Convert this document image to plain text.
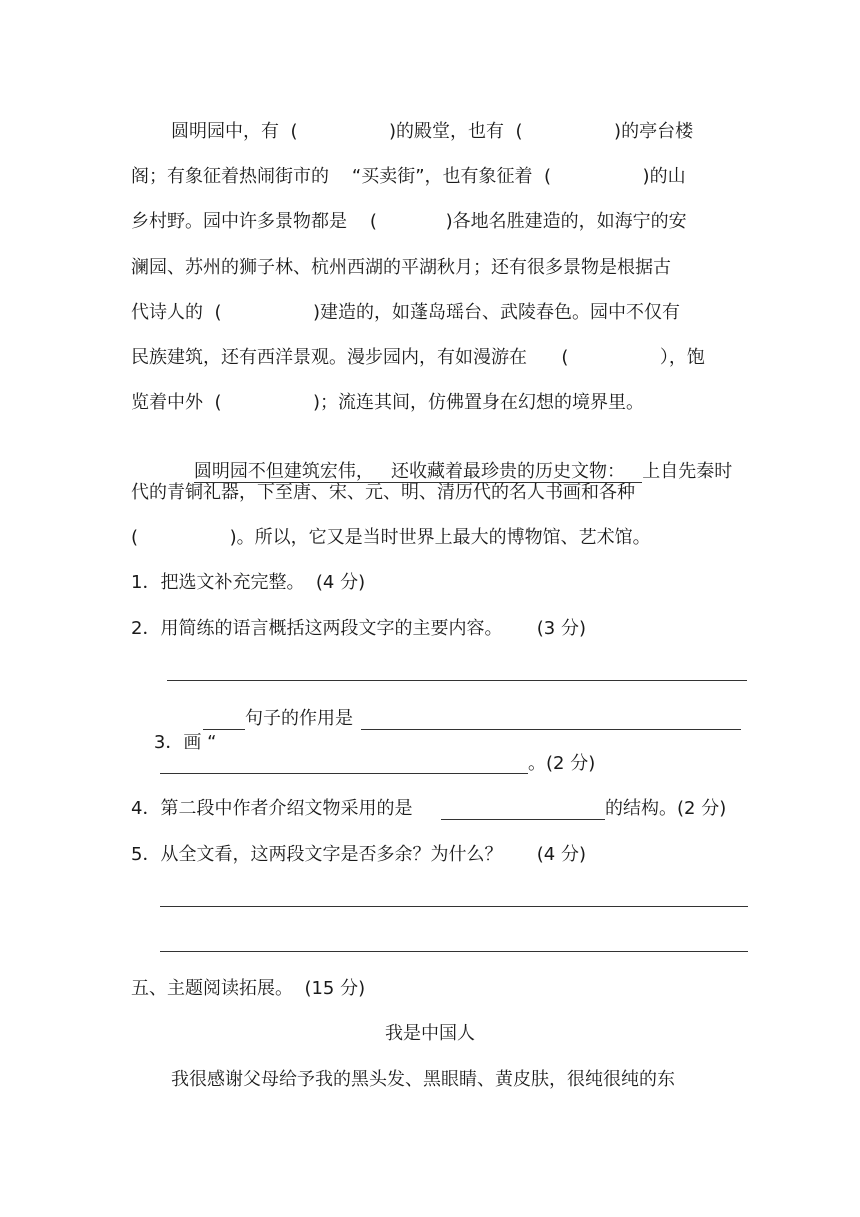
圆明园中，有  (                )的殿堂，也有  (                )的亭台楼
阁；有象征着热闹街市的    “买卖街”，也有象征着  (                )的山
乡村野。园中许多景物都是    (            )各地名胜建造的，如海宁的安
澜园、苏州的狮子林、杭州西湖的平湖秋月；还有很多景物是根据古
代诗人的  (                )建造的，如蓬岛瑶台、武陵春色。园中不仅有
民族建筑，还有西洋景观。漫步园内，有如漫游在      (                ），饱
览着中外  (                )；流连其间，仿佛置身在幻想的境界里。

圆明园不但建筑宏伟，   还收藏着最珍贵的历史文物：   上自先秦时

代的青铜礼器，下至唐、宋、元、明、清历代的名人书画和各种
(                )。所以，它又是当时世界上最大的博物馆、艺术馆。
1．把选文补充完整。  (4 分)
2．用简练的语言概括这两段文字的主要内容。      (3 分)

3．画 “

句子的作用是
。(2 分)
4．第二段中作者介绍文物采用的是	的结构。(2 分)
5．从全文看，这两段文字是否多余？为什么？      (4 分)
五、主题阅读拓展。  (15 分)
我是中国人
我很感谢父母给予我的黑头发、黑眼睛、黄皮肤，很纯很纯的东
